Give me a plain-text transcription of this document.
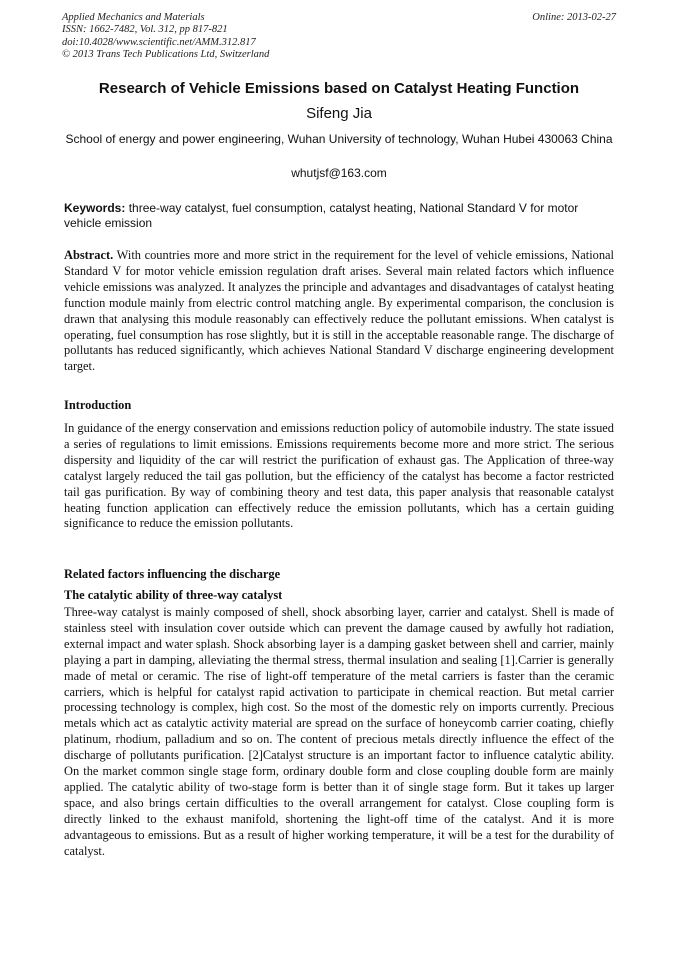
Applied Mechanics and Materials
ISSN: 1662-7482, Vol. 312, pp 817-821
doi:10.4028/www.scientific.net/AMM.312.817
© 2013 Trans Tech Publications Ltd, Switzerland
Online: 2013-02-27
Research of Vehicle Emissions based on Catalyst Heating Function
Sifeng Jia
School of energy and power engineering, Wuhan University of technology, Wuhan Hubei 430063 China
whutjsf@163.com
Keywords: three-way catalyst, fuel consumption, catalyst heating, National Standard V for motor vehicle emission
Abstract. With countries more and more strict in the requirement for the level of vehicle emissions, National Standard V for motor vehicle emission regulation draft arises. Several main related factors which influence vehicle emissions was analyzed. It analyzes the principle and advantages and disadvantages of catalyst heating function module mainly from electric control matching angle. By experimental comparison, the conclusion is drawn that analysing this module reasonably can effectively reduce the pollutant emissions. When catalyst is operating, fuel consumption has rose slightly, but it is still in the acceptable reasonable range. The discharge of pollutants has reduced significantly, which achieves National Standard V discharge engineering development target.
Introduction
In guidance of the energy conservation and emissions reduction policy of automobile industry. The state issued a series of regulations to limit emissions. Emissions requirements become more and more strict. The serious dispersity and liquidity of the car will restrict the purification of exhaust gas. The Application of three-way catalyst largely reduced the tail gas pollution, but the efficiency of the catalyst has become a factor restricted tail gas purification. By way of combining theory and test data, this paper analysis that reasonable catalyst heating function application can effectively reduce the emission pollutants, which has a certain guiding significance to reduce the emission pollutants.
Related factors influencing the discharge
The catalytic ability of three-way catalyst
Three-way catalyst is mainly composed of shell, shock absorbing layer, carrier and catalyst. Shell is made of stainless steel with insulation cover outside which can prevent the damage caused by awfully hot radiation, external impact and water splash. Shock absorbing layer is a damping gasket between shell and carrier, mainly playing a part in damping, alleviating the thermal stress, thermal insulation and sealing [1].Carrier is generally made of metal or ceramic. The rise of light-off temperature of the metal carriers is faster than the ceramic carriers, which is helpful for catalyst rapid activation to participate in chemical reaction. But metal carrier processing technology is complex, high cost. So the most of the domestic rely on imports currently. Precious metals which act as catalytic activity material are spread on the surface of honeycomb carrier coating, chiefly platinum, rhodium, palladium and so on. The content of precious metals directly influence the effect of the discharge of pollutants purification. [2]Catalyst structure is an important factor to influence catalytic ability. On the market common single stage form, ordinary double form and close coupling double form are mainly applied. The catalytic ability of two-stage form is better than it of single stage form. But it takes up larger space, and also brings certain difficulties to the overall arrangement for catalyst. Close coupling form is directly linked to the exhaust manifold, shortening the light-off time of the catalyst. And it is more advantageous to emissions. But as a result of higher working temperature, it will be a test for the durability of catalyst.
